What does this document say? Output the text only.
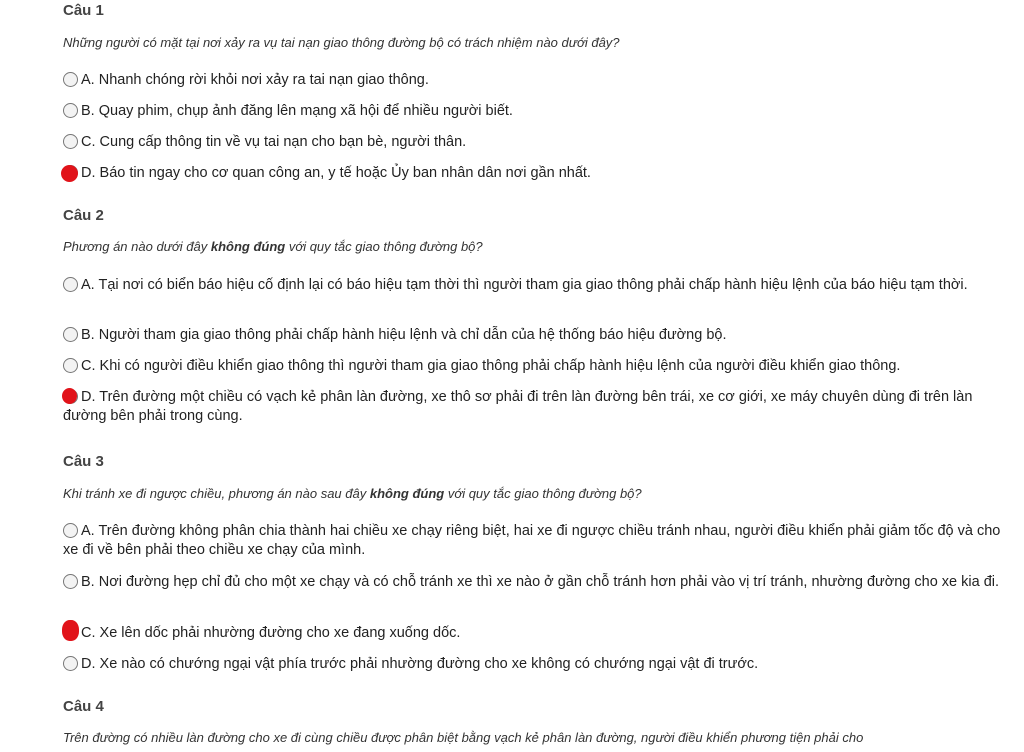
Câu 1
Những người có mặt tại nơi xảy ra vụ tai nạn giao thông đường bộ có trách nhiệm nào dưới đây?
A. Nhanh chóng rời khỏi nơi xảy ra tai nạn giao thông.
B. Quay phim, chụp ảnh đăng lên mạng xã hội để nhiều người biết.
C. Cung cấp thông tin về vụ tai nạn cho bạn bè, người thân.
D. Báo tin ngay cho cơ quan công an, y tế hoặc Ủy ban nhân dân nơi gần nhất.
Câu 2
Phương án nào dưới đây không đúng với quy tắc giao thông đường bộ?
A. Tại nơi có biển báo hiệu cố định lại có báo hiệu tạm thời thì người tham gia giao thông phải chấp hành hiệu lệnh của báo hiệu tạm thời.
B. Người tham gia giao thông phải chấp hành hiệu lệnh và chỉ dẫn của hệ thống báo hiệu đường bộ.
C. Khi có người điều khiển giao thông thì người tham gia giao thông phải chấp hành hiệu lệnh của người điều khiển giao thông.
D. Trên đường một chiều có vạch kẻ phân làn đường, xe thô sơ phải đi trên làn đường bên trái, xe cơ giới, xe máy chuyên dùng đi trên làn đường bên phải trong cùng.
Câu 3
Khi tránh xe đi ngược chiều, phương án nào sau đây không đúng với quy tắc giao thông đường bộ?
A. Trên đường không phân chia thành hai chiều xe chạy riêng biệt, hai xe đi ngược chiều tránh nhau, người điều khiển phải giảm tốc độ và cho xe đi về bên phải theo chiều xe chạy của mình.
B. Nơi đường hẹp chỉ đủ cho một xe chạy và có chỗ tránh xe thì xe nào ở gần chỗ tránh hơn phải vào vị trí tránh, nhường đường cho xe kia đi.
C. Xe lên dốc phải nhường đường cho xe đang xuống dốc.
D. Xe nào có chướng ngại vật phía trước phải nhường đường cho xe không có chướng ngại vật đi trước.
Câu 4
Trên đường có nhiều làn đường cho xe đi cùng chiều được phân biệt bằng vạch kẻ phân làn đường, người điều khiển phương tiện phải cho
